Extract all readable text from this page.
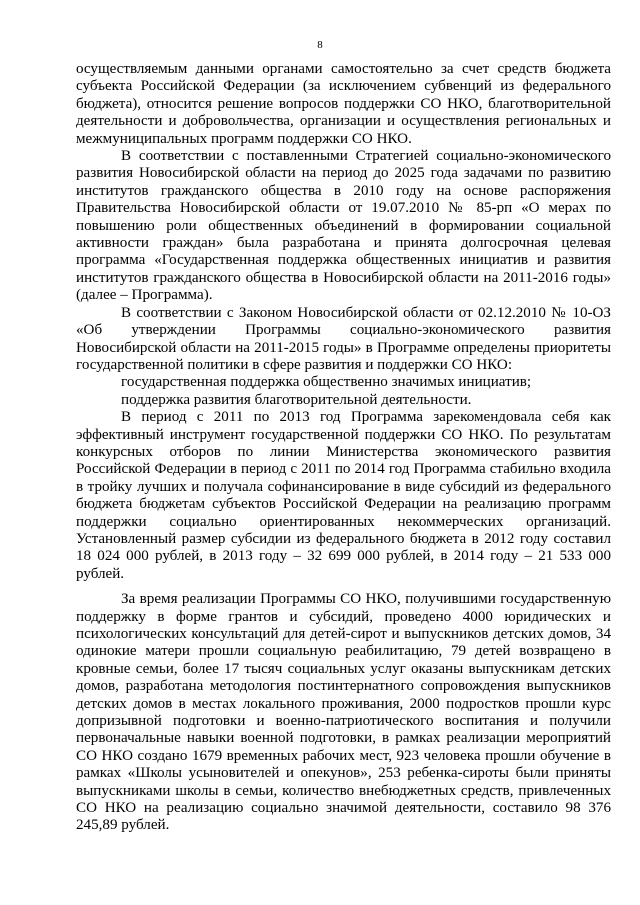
8

осуществляемым данными органами самостоятельно за счет средств бюджета субъекта Российской Федерации (за исключением субвенций из федерального бюджета), относится решение вопросов поддержки СО НКО, благотворительной деятельности и добровольчества, организации и осуществления региональных и межмуниципальных программ поддержки СО НКО.

В соответствии с поставленными Стратегией социально-экономического развития Новосибирской области на период до 2025 года задачами по развитию институтов гражданского общества в 2010 году на основе распоряжения Правительства Новосибирской области от 19.07.2010 № 85-рп «О мерах по повышению роли общественных объединений в формировании социальной активности граждан» была разработана и принята долгосрочная целевая программа «Государственная поддержка общественных инициатив и развития институтов гражданского общества в Новосибирской области на 2011-2016 годы» (далее – Программа).

В соответствии с Законом Новосибирской области от 02.12.2010 № 10-ОЗ «Об утверждении Программы социально-экономического развития Новосибирской области на 2011-2015 годы» в Программе определены приоритеты государственной политики в сфере развития и поддержки СО НКО:

государственная поддержка общественно значимых инициатив;

поддержка развития благотворительной деятельности.

В период с 2011 по 2013 год Программа зарекомендовала себя как эффективный инструмент государственной поддержки СО НКО. По результатам конкурсных отборов по линии Министерства экономического развития Российской Федерации в период с 2011 по 2014 год Программа стабильно входила в тройку лучших и получала софинансирование в виде субсидий из федерального бюджета бюджетам субъектов Российской Федерации на реализацию программ поддержки социально ориентированных некоммерческих организаций. Установленный размер субсидии из федерального бюджета в 2012 году составил 18 024 000 рублей, в 2013 году – 32 699 000 рублей, в 2014 году – 21 533 000 рублей.

За время реализации Программы СО НКО, получившими государственную поддержку в форме грантов и субсидий, проведено 4000 юридических и психологических консультаций для детей-сирот и выпускников детских домов, 34 одинокие матери прошли социальную реабилитацию, 79 детей возвращено в кровные семьи, более 17 тысяч социальных услуг оказаны выпускникам детских домов, разработана методология постинтернатного сопровождения выпускников детских домов в местах локального проживания, 2000 подростков прошли курс допризывной подготовки и военно-патриотического воспитания и получили первоначальные навыки военной подготовки, в рамках реализации мероприятий СО НКО создано 1679 временных рабочих мест, 923 человека прошли обучение в рамках «Школы усыновителей и опекунов», 253 ребенка-сироты были приняты выпускниками школы в семьи, количество внебюджетных средств, привлеченных СО НКО на реализацию социально значимой деятельности, составило 98 376 245,89 рублей.
